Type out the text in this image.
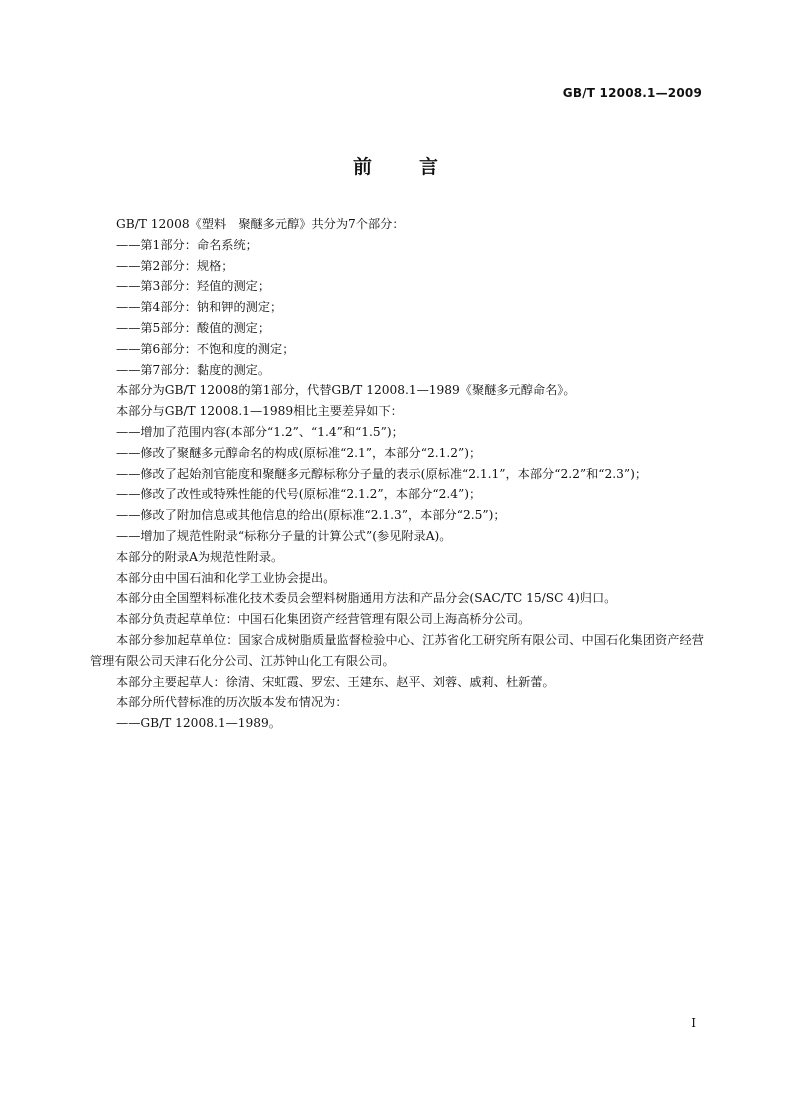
GB/T 12008.1—2009
前 言

GB/T 12008《塑料　聚醚多元醇》共分为7个部分：

——第1部分：命名系统；

——第2部分：规格；

——第3部分：羟值的测定；

——第4部分：钠和钾的测定；

——第5部分：酸值的测定；

——第6部分：不饱和度的测定；

——第7部分：黏度的测定。

本部分为GB/T 12008的第1部分，代替GB/T 12008.1—1989《聚醚多元醇命名》。

本部分与GB/T 12008.1—1989相比主要差异如下：

——增加了范围内容(本部分“1.2”、“1.4”和“1.5”)；

——修改了聚醚多元醇命名的构成(原标准“2.1”，本部分“2.1.2”)；

——修改了起始剂官能度和聚醚多元醇标称分子量的表示(原标准“2.1.1”，本部分“2.2”和“2.3”)；

——修改了改性或特殊性能的代号(原标准“2.1.2”，本部分“2.4”)；

——修改了附加信息或其他信息的给出(原标准“2.1.3”，本部分“2.5”)；

——增加了规范性附录“标称分子量的计算公式”(参见附录A)。

本部分的附录A为规范性附录。

本部分由中国石油和化学工业协会提出。

本部分由全国塑料标准化技术委员会塑料树脂通用方法和产品分会(SAC/TC 15/SC 4)归口。

本部分负责起草单位：中国石化集团资产经营管理有限公司上海高桥分公司。

本部分参加起草单位：国家合成树脂质量监督检验中心、江苏省化工研究所有限公司、中国石化集团资产经营管理有限公司天津石化分公司、江苏钟山化工有限公司。

本部分主要起草人：徐清、宋虹霞、罗宏、王建东、赵平、刘蓉、戚莉、杜新蕾。

本部分所代替标准的历次版本发布情况为：

——GB/T 12008.1—1989。

I
